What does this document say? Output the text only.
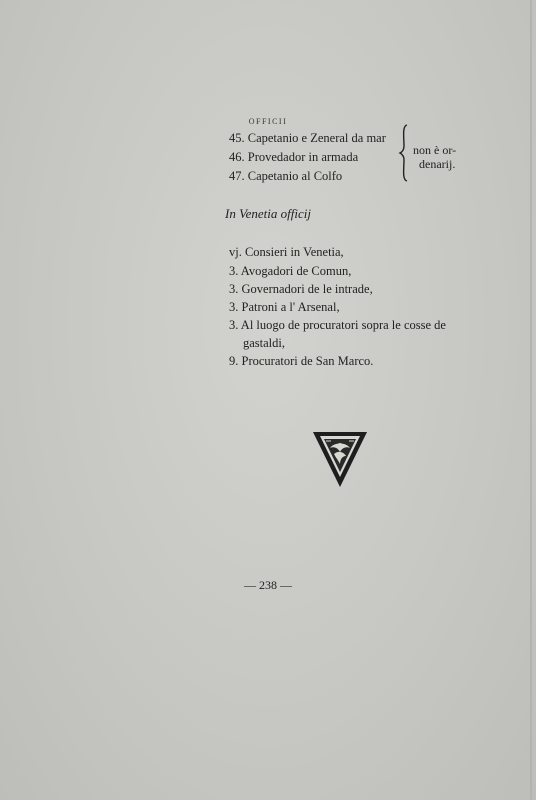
OFFICII
45. Capetanio e Zeneral da mar
46. Provedador in armada
47. Capetanio al Colfo
non è or-
denarij.
In Venetia officij
vj. Consieri in Venetia,
3. Avogadori de Comun,
3. Governadori de le intrade,
3. Patroni a l' Arsenal,
3. Al luogo de procuratori sopra le cosse de
gastaldi,
9. Procuratori de San Marco.
— 238 —
